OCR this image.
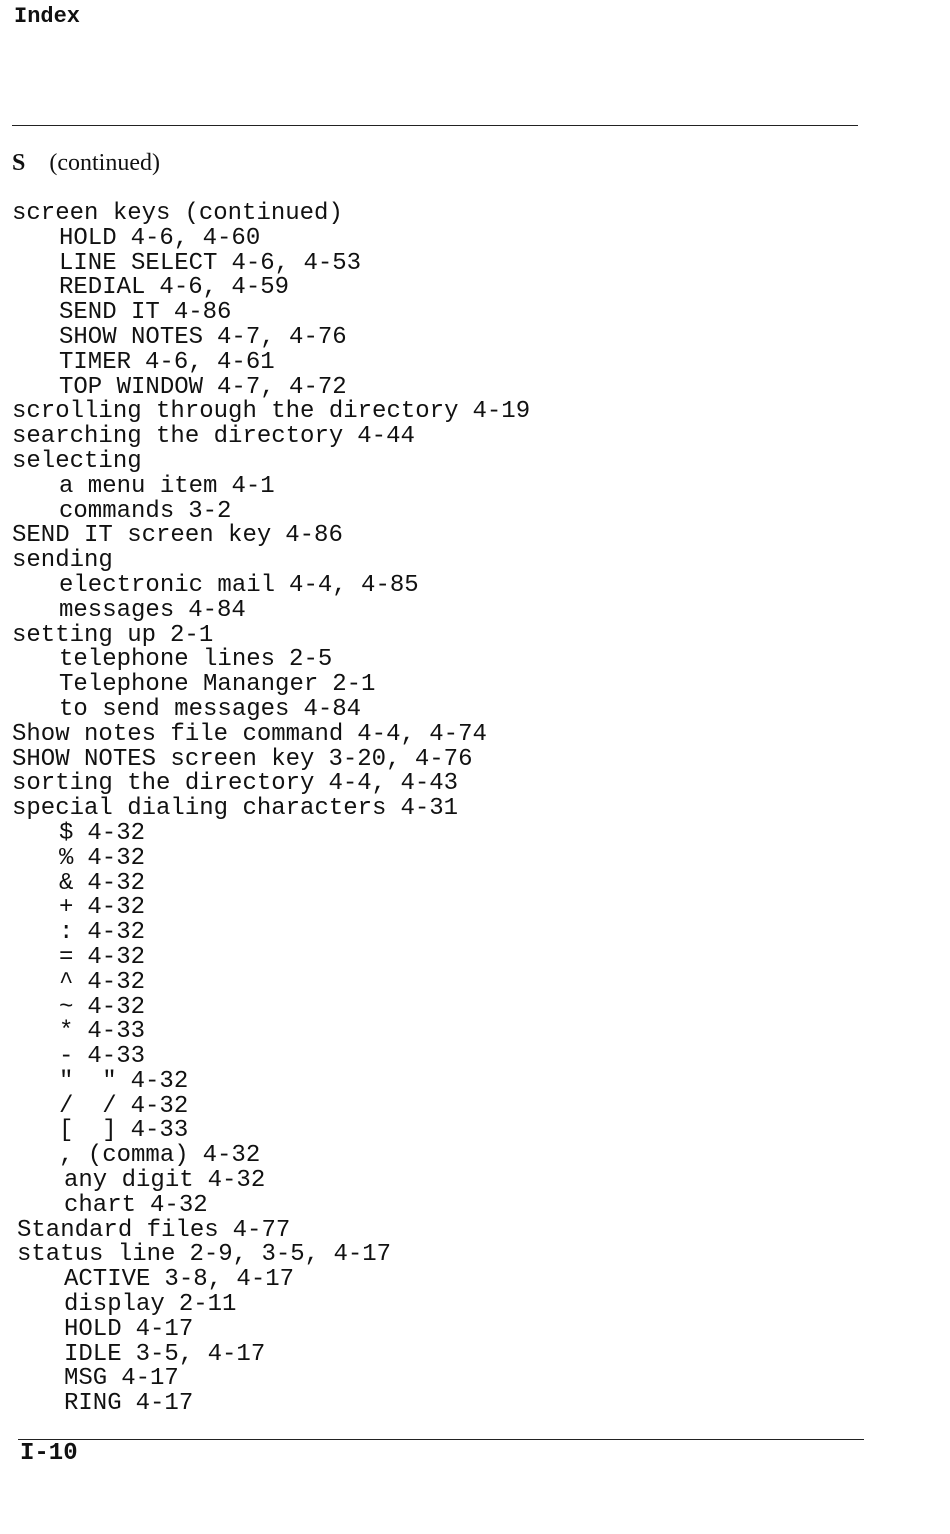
Index
S (continued)
screen keys (continued)
HOLD 4-6, 4-60
LINE SELECT 4-6, 4-53
REDIAL 4-6, 4-59
SEND IT 4-86
SHOW NOTES 4-7, 4-76
TIMER 4-6, 4-61
TOP WINDOW 4-7, 4-72
scrolling through the directory 4-19
searching the directory 4-44
selecting
a menu item 4-1
commands 3-2
SEND IT screen key 4-86
sending
electronic mail 4-4, 4-85
messages 4-84
setting up 2-1
telephone lines 2-5
Telephone Mananger 2-1
to send messages 4-84
Show notes file command 4-4, 4-74
SHOW NOTES screen key 3-20, 4-76
sorting the directory 4-4, 4-43
special dialing characters 4-31
$ 4-32
% 4-32
& 4-32
+ 4-32
: 4-32
= 4-32
^ 4-32
~ 4-32
* 4-33
- 4-33
"  " 4-32
/  / 4-32
[  ] 4-33
, (comma) 4-32
any digit 4-32
chart 4-32
Standard files 4-77
status line 2-9, 3-5, 4-17
ACTIVE 3-8, 4-17
display 2-11
HOLD 4-17
IDLE 3-5, 4-17
MSG 4-17
RING 4-17
I-10
